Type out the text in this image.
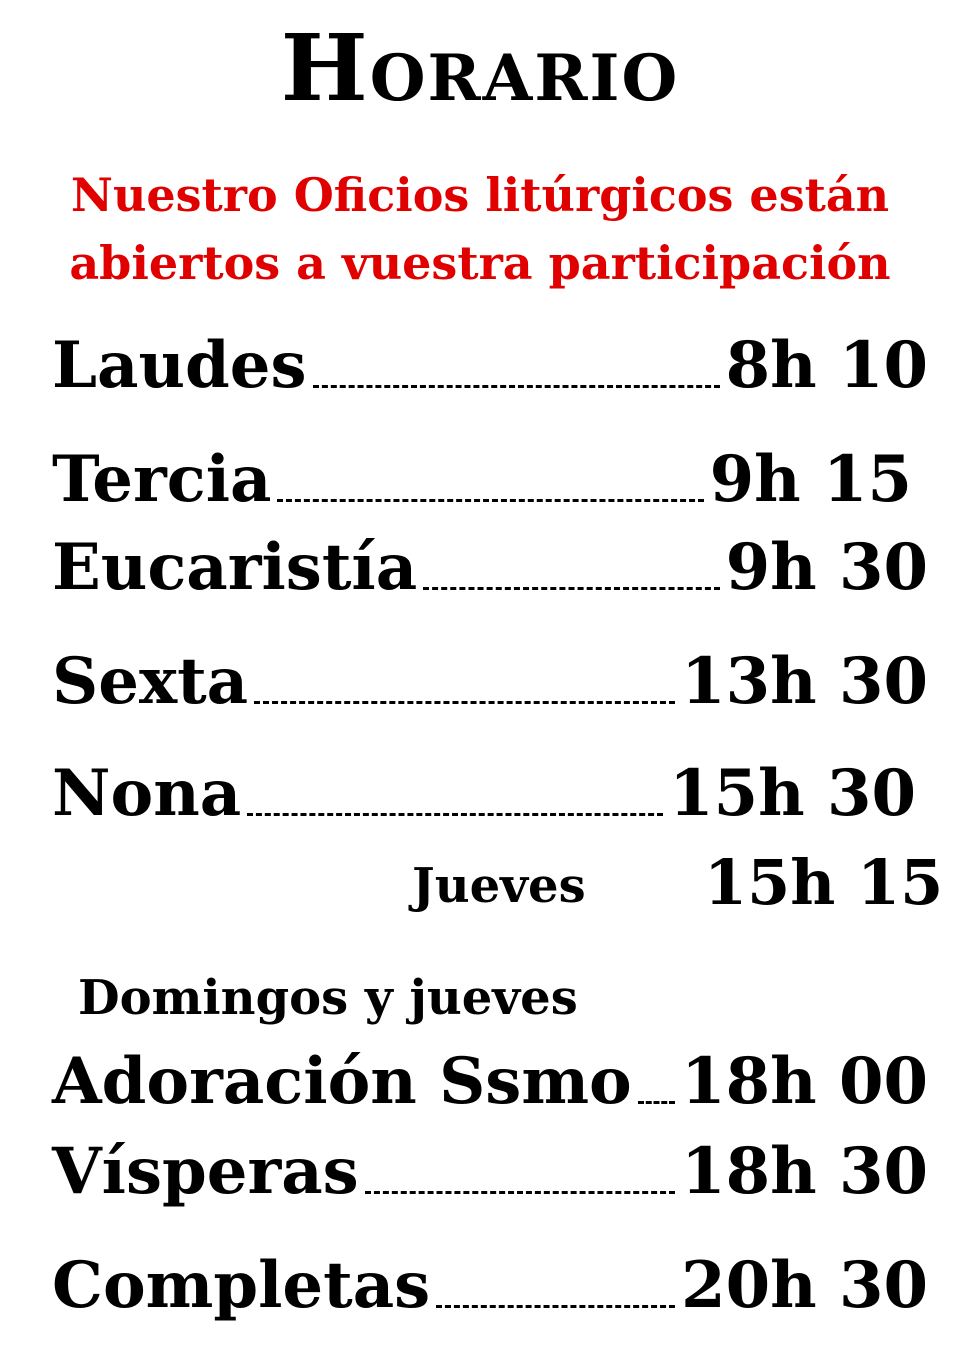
Horario
Nuestro Oficios litúrgicos están
abiertos a vuestra participación
Laudes	8h 10
Tercia	9h 15
Eucaristía	9h 30
Sexta	13h 30
Nona	15h 30
Jueves 15h 15
Domingos y jueves
Adoración Ssmo 18h 00
Vísperas	18h 30
Completas	20h 30
